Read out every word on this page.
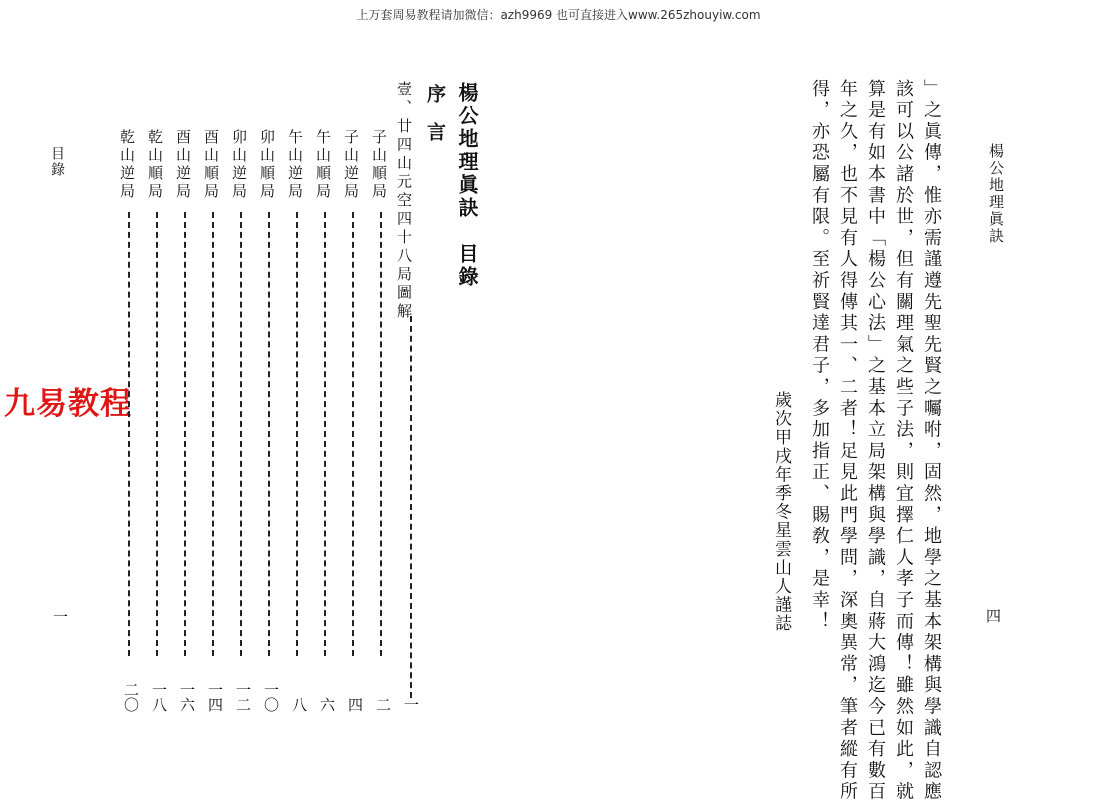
上万套周易教程请加微信：azh9969 也可直接进入www.265zhouyiw.com
九易教程
楊公地理眞訣
四
」之眞傳，惟亦需謹遵先聖先賢之囑咐，固然，地學之基本架構與學識自認應
該可以公諸於世，但有關理氣之些子法，則宜擇仁人孝子而傳！雖然如此，就
算是有如本書中「楊公心法」之基本立局架構與學識，自蔣大鴻迄今已有數百
年之久，也不見有人得傳其一、二者！足見此門學問，深奧異常，筆者縱有所
得，亦恐屬有限。至祈賢達君子，多加指正、賜敎，是幸！
歲次甲戌年季冬星雲山人謹誌
目錄
一
楊公地理眞訣　目錄
序　言
壹、廿四山元空四十八局圖解
子山順局
子山逆局
午山順局
午山逆局
卯山順局
卯山逆局
酉山順局
酉山逆局
乾山順局
乾山逆局
一
二
四
六
八
一〇
一二
一四
一六
一八
二〇
